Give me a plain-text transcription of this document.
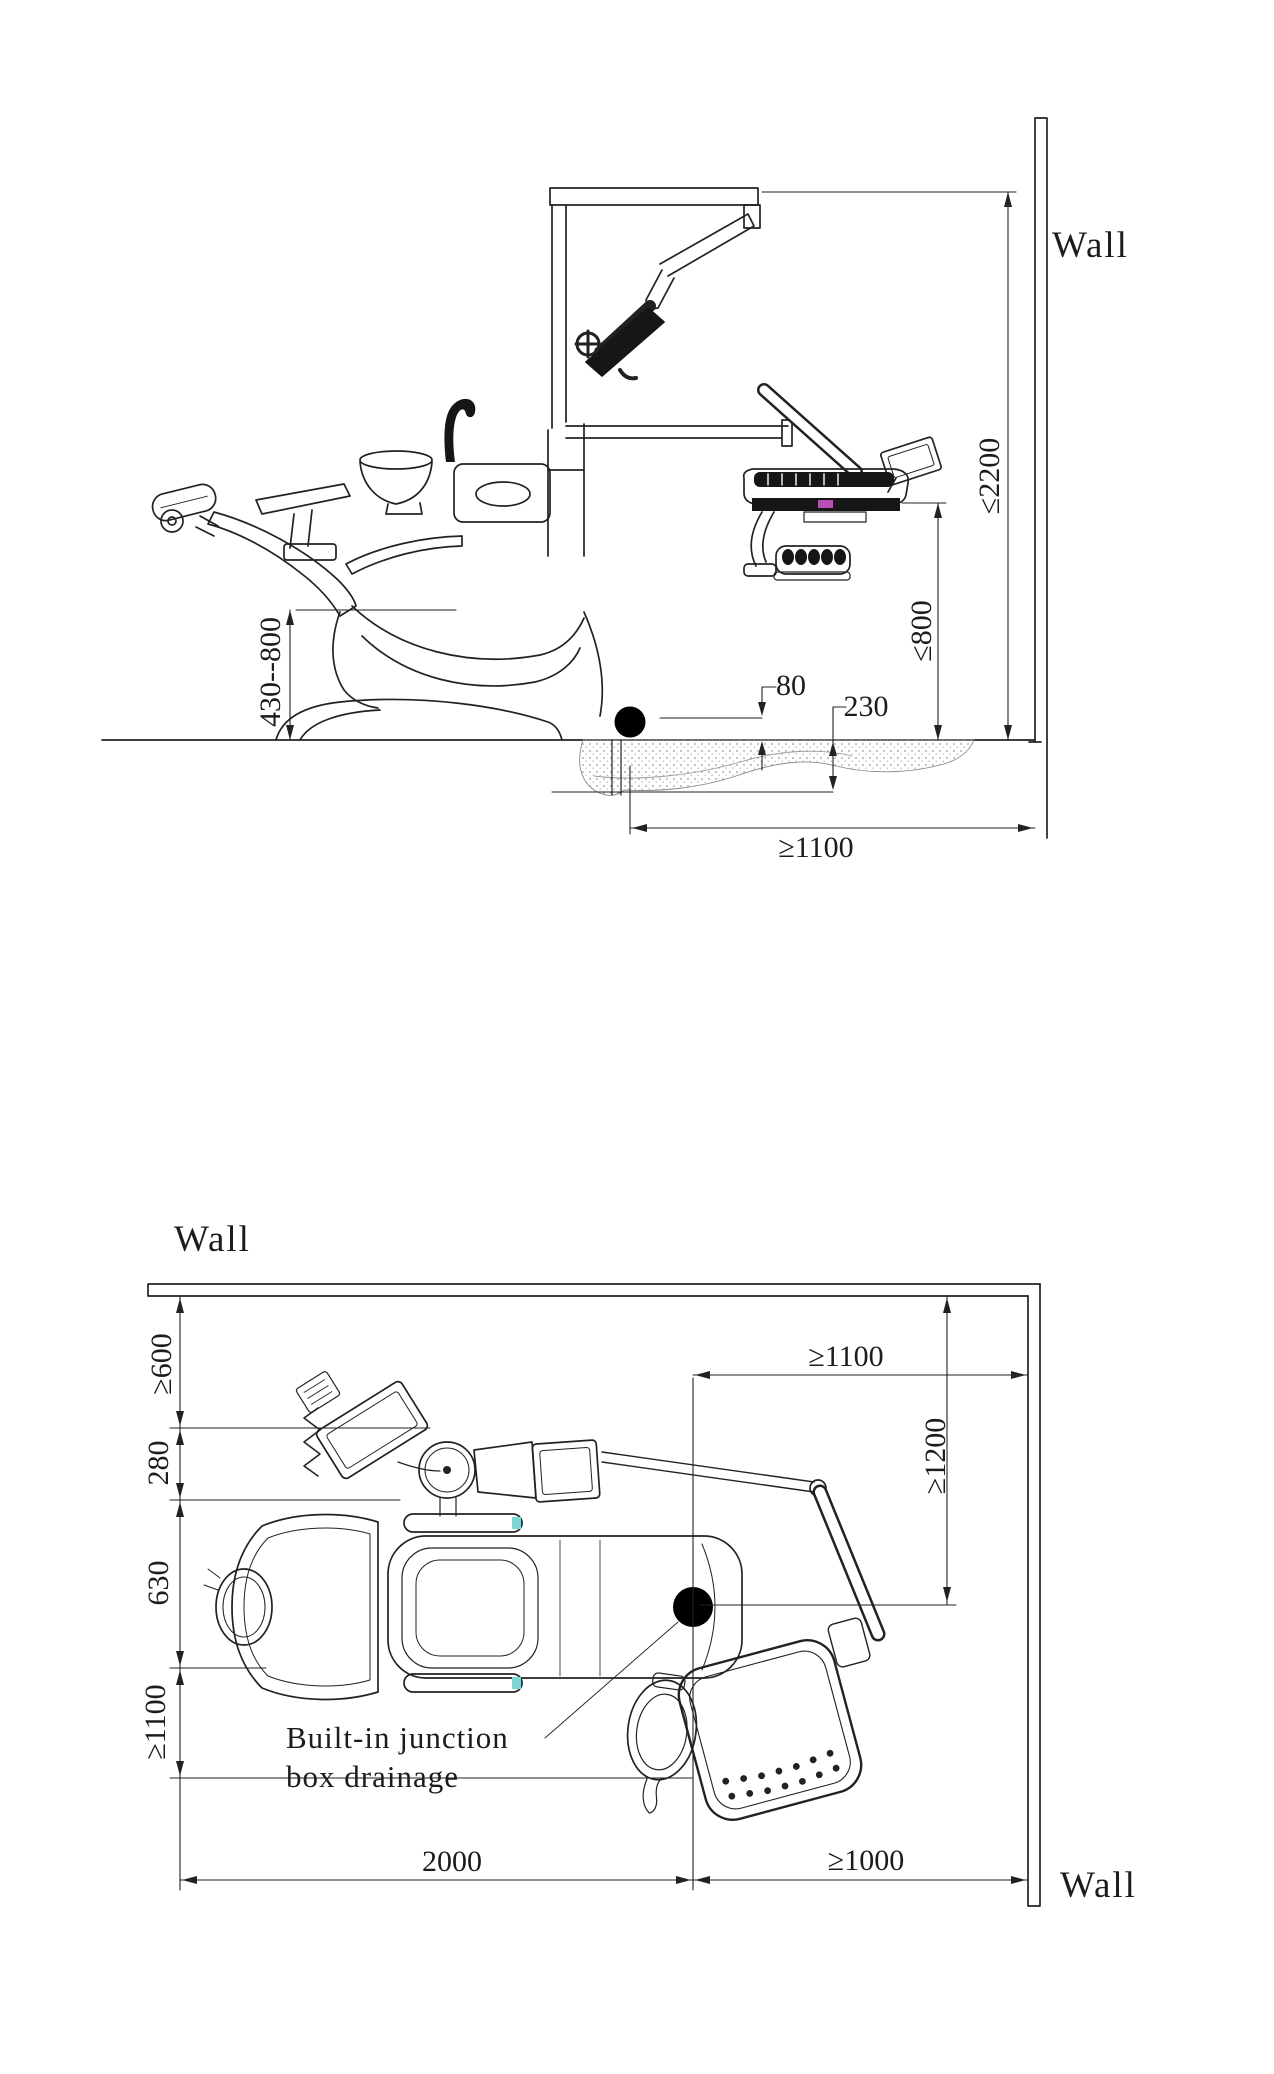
Wall
≤2200
≤800
430--800	80
230
≥1100
Wall
≥600
280
630
≥1100
≥1100
≥1200
2000	≥1000
Wall
Built-in junction
box drainage
